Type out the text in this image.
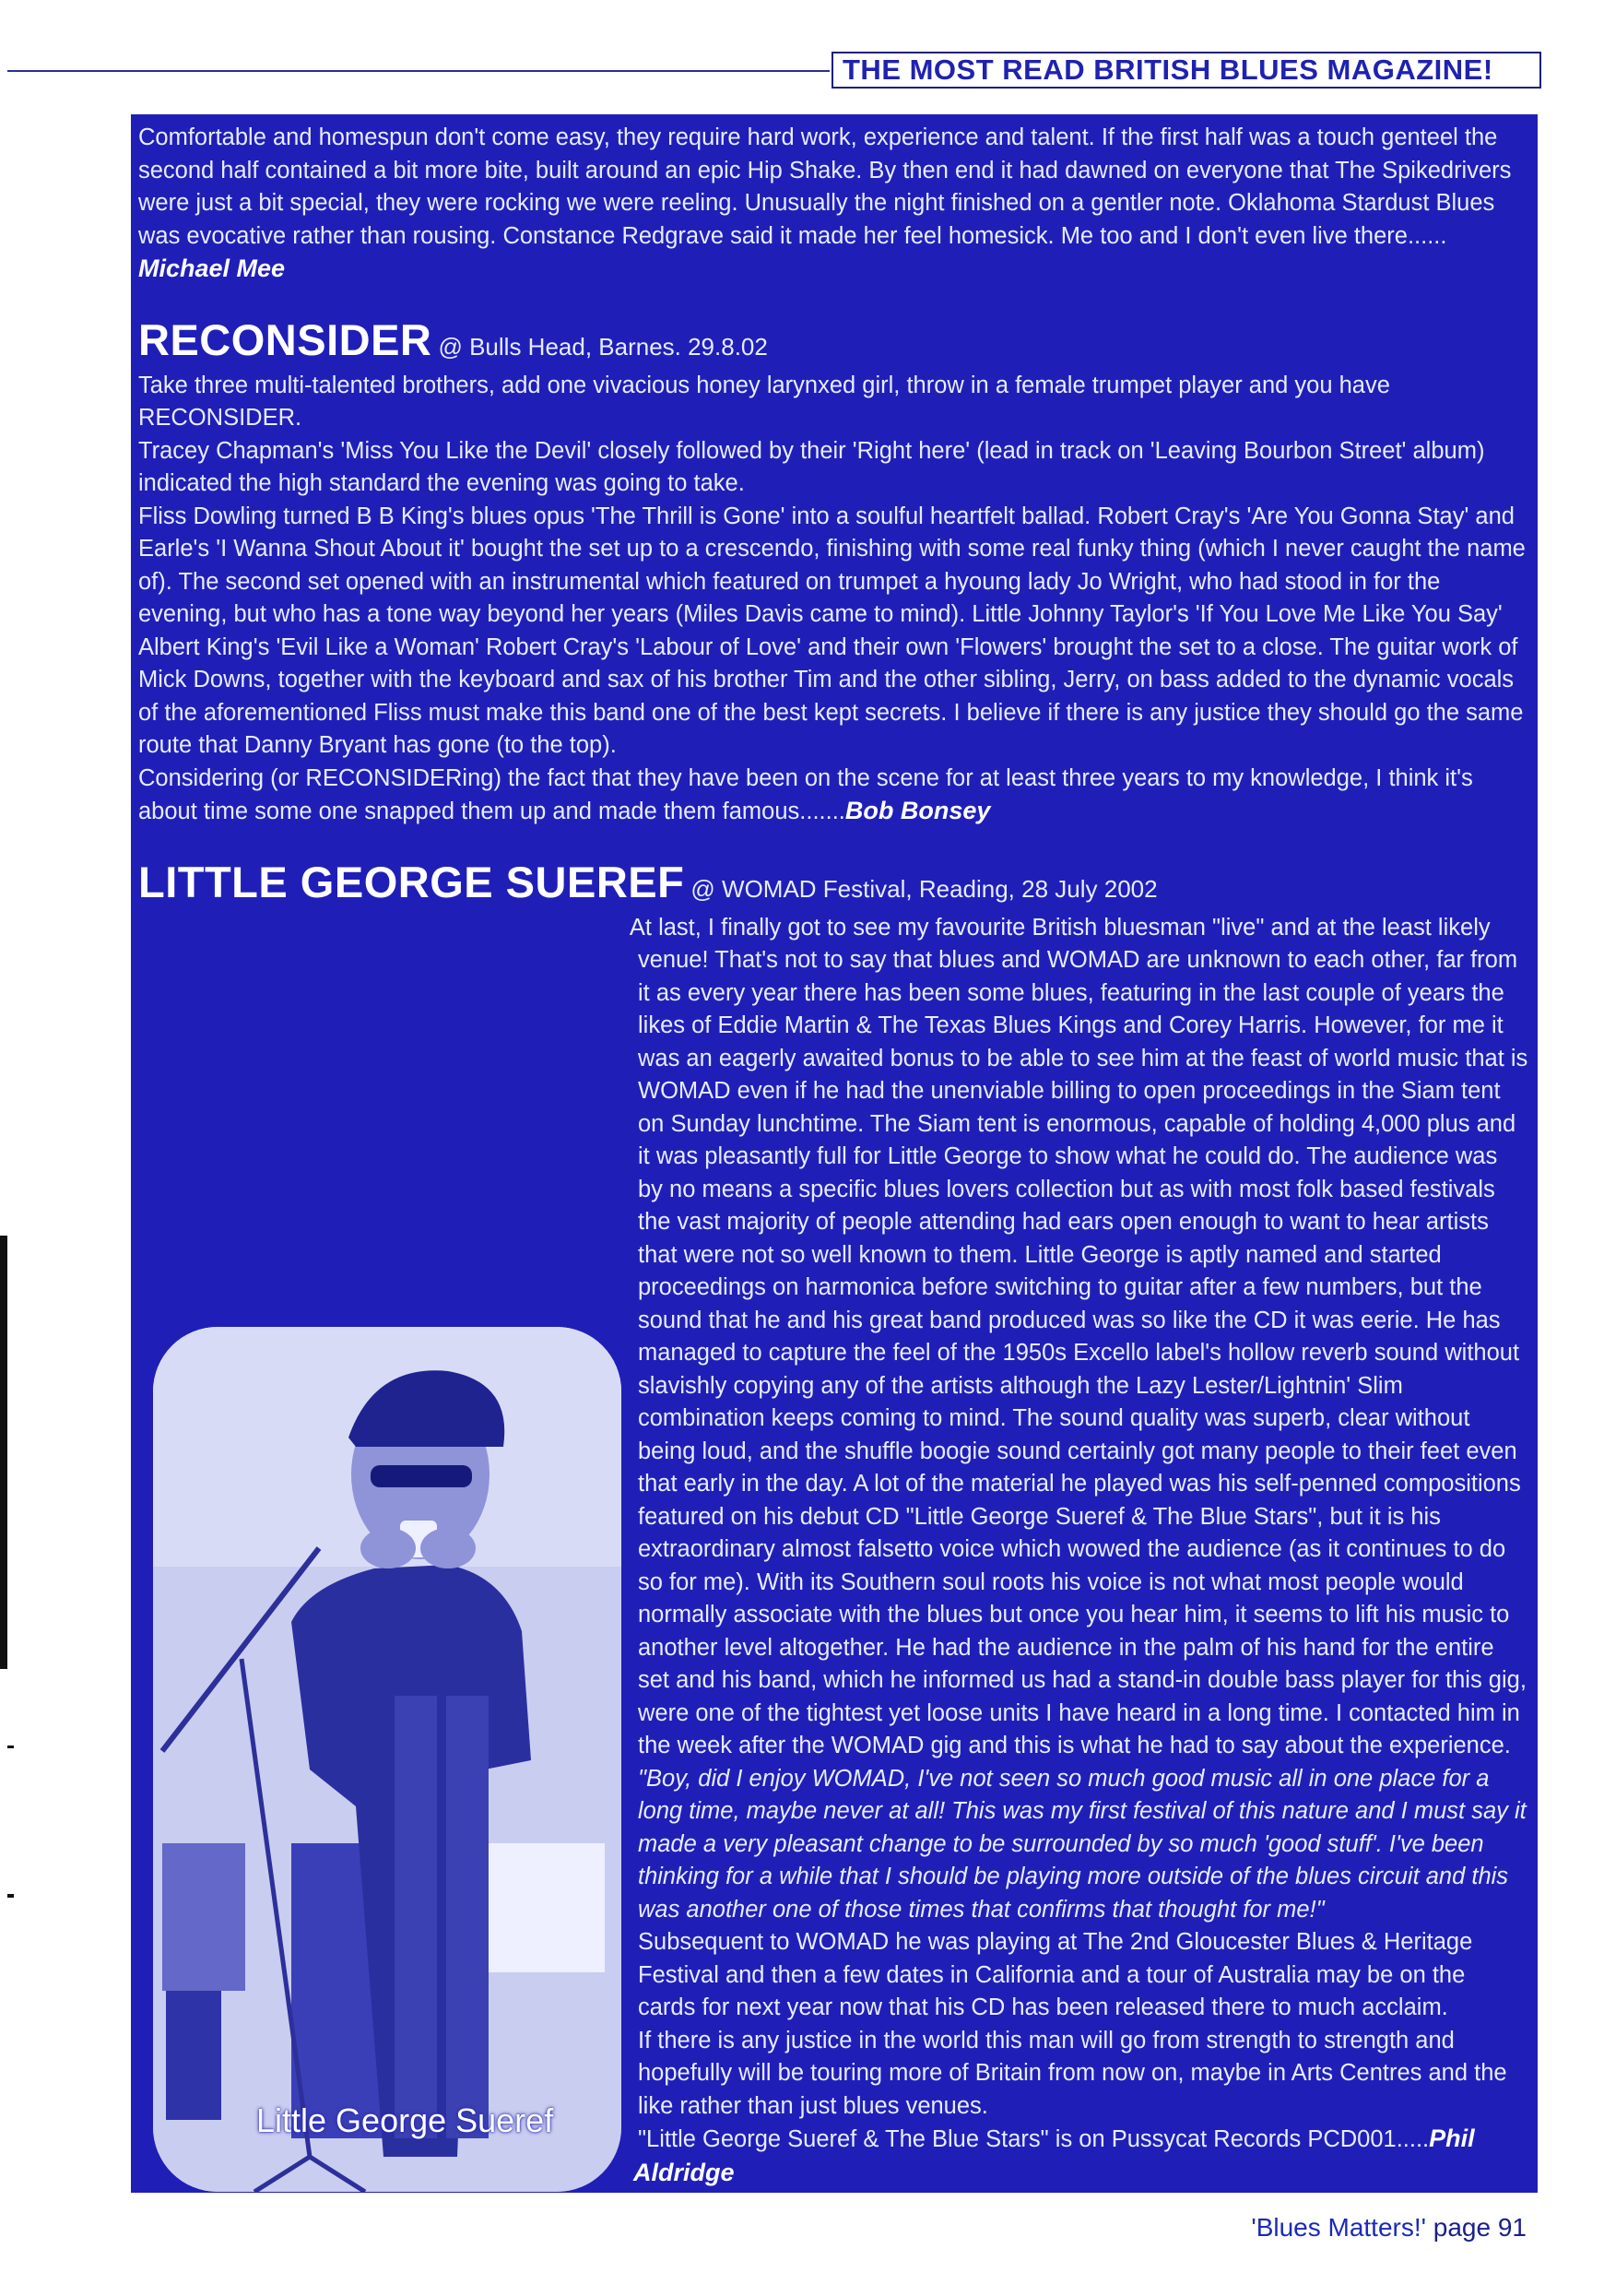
THE MOST READ BRITISH BLUES MAGAZINE!

Comfortable and homespun don't come easy, they require hard work, experience and talent. If the first half was a touch genteel the second half contained a bit more bite, built around an epic Hip Shake. By then end it had dawned on everyone that The Spikedrivers were just a bit special, they were rocking we were reeling. Unusually the night finished on a gentler note. Oklahoma Stardust Blues was evocative rather than rousing. Constance Redgrave said it made her feel homesick. Me too and I don't even live there...... Michael Mee

RECONSIDER @ Bulls Head, Barnes. 29.8.02

Take three multi-talented brothers, add one vivacious honey larynxed girl, throw in a female trumpet player and you have RECONSIDER.

Tracey Chapman's 'Miss You Like the Devil' closely followed by their 'Right here' (lead in track on 'Leaving Bourbon Street' album) indicated the high standard the evening was going to take.

Fliss Dowling turned B B King's blues opus 'The Thrill is Gone' into a soulful heartfelt ballad. Robert Cray's 'Are You Gonna Stay' and Earle's 'I Wanna Shout About it' bought the set up to a crescendo, finishing with some real funky thing (which I never caught the name of). The second set opened with an instrumental which featured on trumpet a hyoung lady Jo Wright, who had stood in for the evening, but who has a tone way beyond her years (Miles Davis came to mind). Little Johnny Taylor's 'If You Love Me Like You Say' Albert King's 'Evil Like a Woman' Robert Cray's 'Labour of Love' and their own 'Flowers' brought the set to a close. The guitar work of Mick Downs, together with the keyboard and sax of his brother Tim and the other sibling, Jerry, on bass added to the dynamic vocals of the aforementioned Fliss must make this band one of the best kept secrets. I believe if there is any justice they should go the same route that Danny Bryant has gone (to the top).

Considering (or RECONSIDERing) the fact that they have been on the scene for at least three years to my knowledge, I think it's about time some one snapped them up and made them famous.......Bob Bonsey

LITTLE GEORGE SUEREF @ WOMAD Festival, Reading, 28 July 2002

Little George Sueref

At last, I finally got to see my favourite British bluesman "live" and at the least likely venue! That's not to say that blues and WOMAD are unknown to each other, far from it as every year there has been some blues, featuring in the last couple of years the likes of Eddie Martin & The Texas Blues Kings and Corey Harris. However, for me it was an eagerly awaited bonus to be able to see him at the feast of world music that is WOMAD even if he had the unenviable billing to open proceedings in the Siam tent on Sunday lunchtime. The Siam tent is enormous, capable of holding 4,000 plus and it was pleasantly full for Little George to show what he could do. The audience was by no means a specific blues lovers collection but as with most folk based festivals the vast majority of people attending had ears open enough to want to hear artists that were not so well known to them. Little George is aptly named and started proceedings on harmonica before switching to guitar after a few numbers, but the sound that he and his great band produced was so like the CD it was eerie. He has managed to capture the feel of the 1950s Excello label's hollow reverb sound without slavishly copying any of the artists although the Lazy Lester/Lightnin' Slim combination keeps coming to mind. The sound quality was superb, clear without being loud, and the shuffle boogie sound certainly got many people to their feet even that early in the day. A lot of the material he played was his self-penned compositions featured on his debut CD "Little George Sueref & The Blue Stars", but it is his extraordinary almost falsetto voice which wowed the audience (as it continues to do so for me). With its Southern soul roots his voice is not what most people would normally associate with the blues but once you hear him, it seems to lift his music to another level altogether. He had the audience in the palm of his hand for the entire set and his band, which he informed us had a stand-in double bass player for this gig, were one of the tightest yet loose units I have heard in a long time. I contacted him in the week after the WOMAD gig and this is what he had to say about the experience. "Boy, did I enjoy WOMAD, I've not seen so much good music all in one place for a long time, maybe never at all! This was my first festival of this nature and I must say it made a very pleasant change to be surrounded by so much 'good stuff'. I've been thinking for a while that I should be playing more outside of the blues circuit and this was another one of those times that confirms that thought for me!"

Subsequent to WOMAD he was playing at The 2nd Gloucester Blues & Heritage Festival and then a few dates in California and a tour of Australia may be on the cards for next year now that his CD has been released there to much acclaim.

If there is any justice in the world this man will go from strength to strength and hopefully will be touring more of Britain from now on, maybe in Arts Centres and the like rather than just blues venues.

"Little George Sueref & The Blue Stars" is on Pussycat Records PCD001.....Phil Aldridge

'Blues Matters!' page 91
